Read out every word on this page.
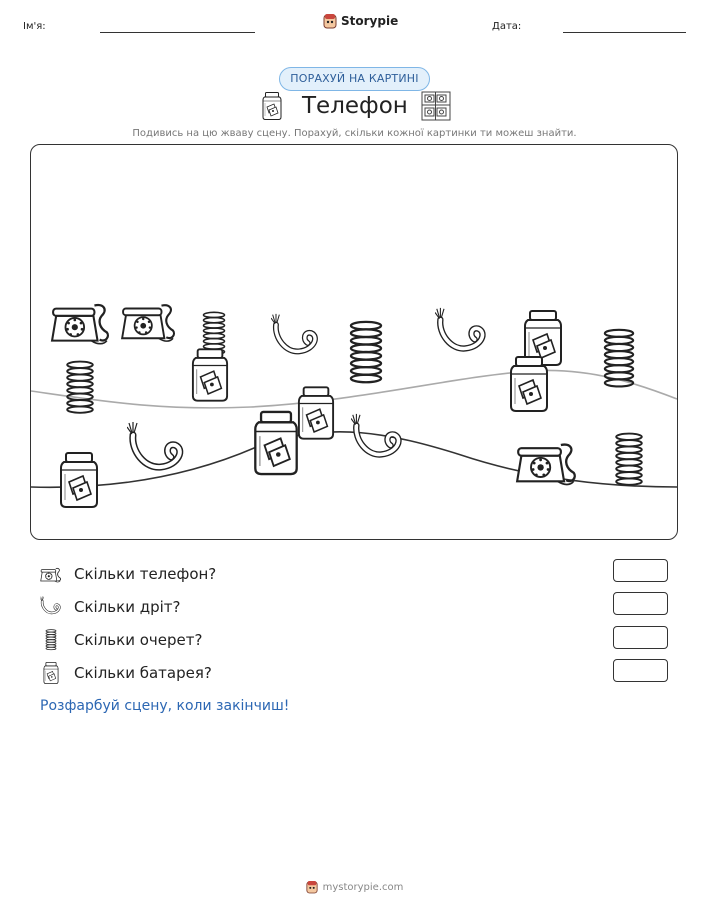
Ім'я:	Storypie	Дата:
ПОРАХУЙ НА КАРТИНІ
Телефон
Подивись на цю жваву сцену. Порахуй, скільки кожної картинки ти можеш знайти.
Скільки телефон?
Скільки дріт?
Скільки очерет?
Скільки батарея?
Розфарбуй сцену, коли закінчиш!
mystorypie.com
